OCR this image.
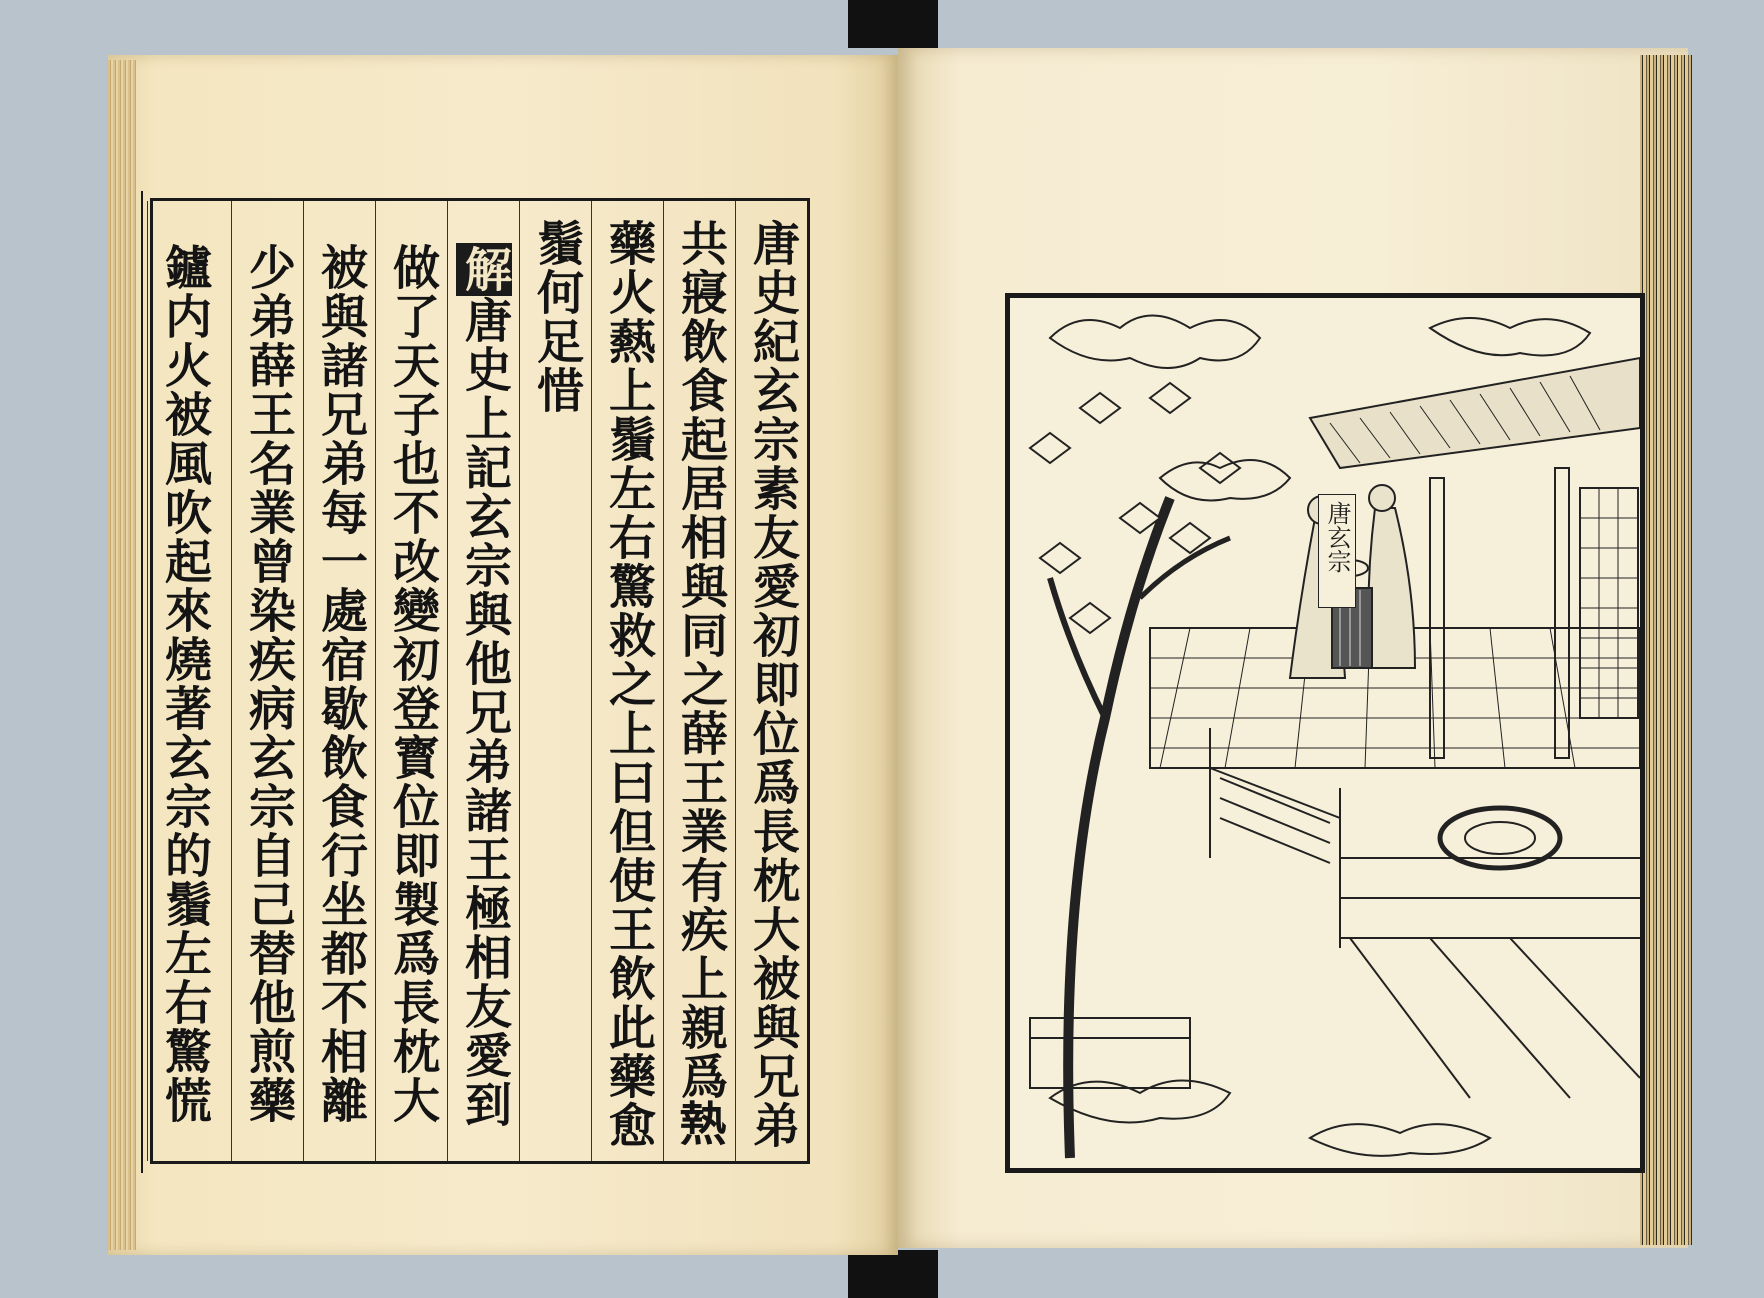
唐史紀玄宗素友愛初即位爲長枕大被與兄弟
共寢飲食起居相與同之薛王業有疾上親爲𤍠
藥火爇上鬚左右驚救之上曰但使王飲此藥愈
鬚何足惜
解唐史上記玄宗與他兄弟諸王極相友愛到
做了天子也不改變初登寳位即製爲長枕大
被與諸兄弟每一處宿歇飲食行坐都不相離
少弟薛王名業曾染疾病玄宗自己替他煎藥
鑪内火被風吹起來燒著玄宗的鬚左右驚慌	唐玄宗
